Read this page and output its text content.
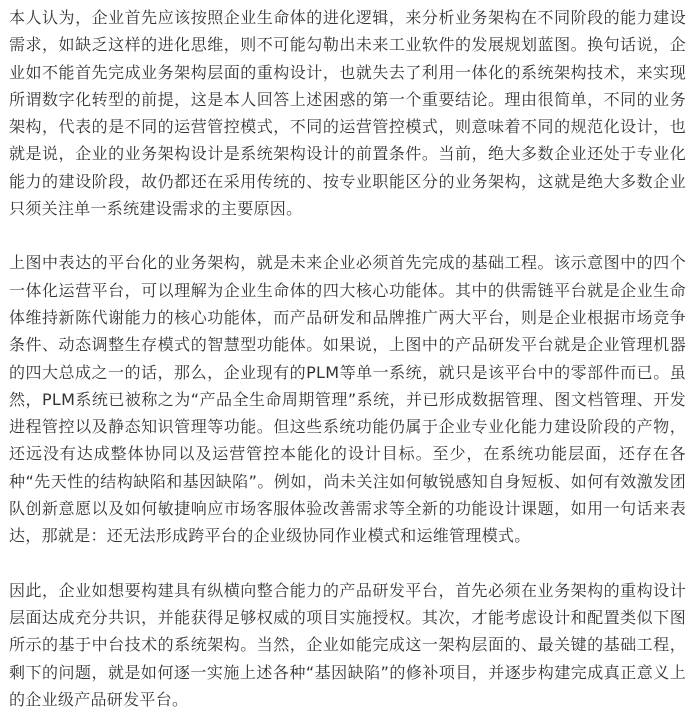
本人认为，企业首先应该按照企业生命体的进化逻辑，来分析业务架构在不同阶段的能力建设需求，如缺乏这样的进化思维，则不可能勾勒出未来工业软件的发展规划蓝图。换句话说，企业如不能首先完成业务架构层面的重构设计，也就失去了利用一体化的系统架构技术，来实现所谓数字化转型的前提，这是本人回答上述困惑的第一个重要结论。理由很简单，不同的业务架构，代表的是不同的运营管控模式，不同的运营管控模式，则意味着不同的规范化设计，也就是说，企业的业务架构设计是系统架构设计的前置条件。当前，绝大多数企业还处于专业化能力的建设阶段，故仍都还在采用传统的、按专业职能区分的业务架构，这就是绝大多数企业只须关注单一系统建设需求的主要原因。

上图中表达的平台化的业务架构，就是未来企业必须首先完成的基础工程。该示意图中的四个一体化运营平台，可以理解为企业生命体的四大核心功能体。其中的供需链平台就是企业生命体维持新陈代谢能力的核心功能体，而产品研发和品牌推广两大平台，则是企业根据市场竞争条件、动态调整生存模式的智慧型功能体。如果说，上图中的产品研发平台就是企业管理机器的四大总成之一的话，那么，企业现有的PLM等单一系统，就只是该平台中的零部件而已。虽然，PLM系统已被称之为“产品全生命周期管理”系统，并已形成数据管理、图文档管理、开发进程管控以及静态知识管理等功能。但这些系统功能仍属于企业专业化能力建设阶段的产物，还远没有达成整体协同以及运营管控本能化的设计目标。至少，在系统功能层面，还存在各种“先天性的结构缺陷和基因缺陷”。例如，尚未关注如何敏锐感知自身短板、如何有效激发团队创新意愿以及如何敏捷响应市场客服体验改善需求等全新的功能设计课题，如用一句话来表达，那就是：还无法形成跨平台的企业级协同作业模式和运维管理模式。

因此，企业如想要构建具有纵横向整合能力的产品研发平台，首先必须在业务架构的重构设计层面达成充分共识，并能获得足够权威的项目实施授权。其次，才能考虑设计和配置类似下图所示的基于中台技术的系统架构。当然，企业如能完成这一架构层面的、最关键的基础工程，剩下的问题，就是如何逐一实施上述各种“基因缺陷”的修补项目，并逐步构建完成真正意义上的企业级产品研发平台。
